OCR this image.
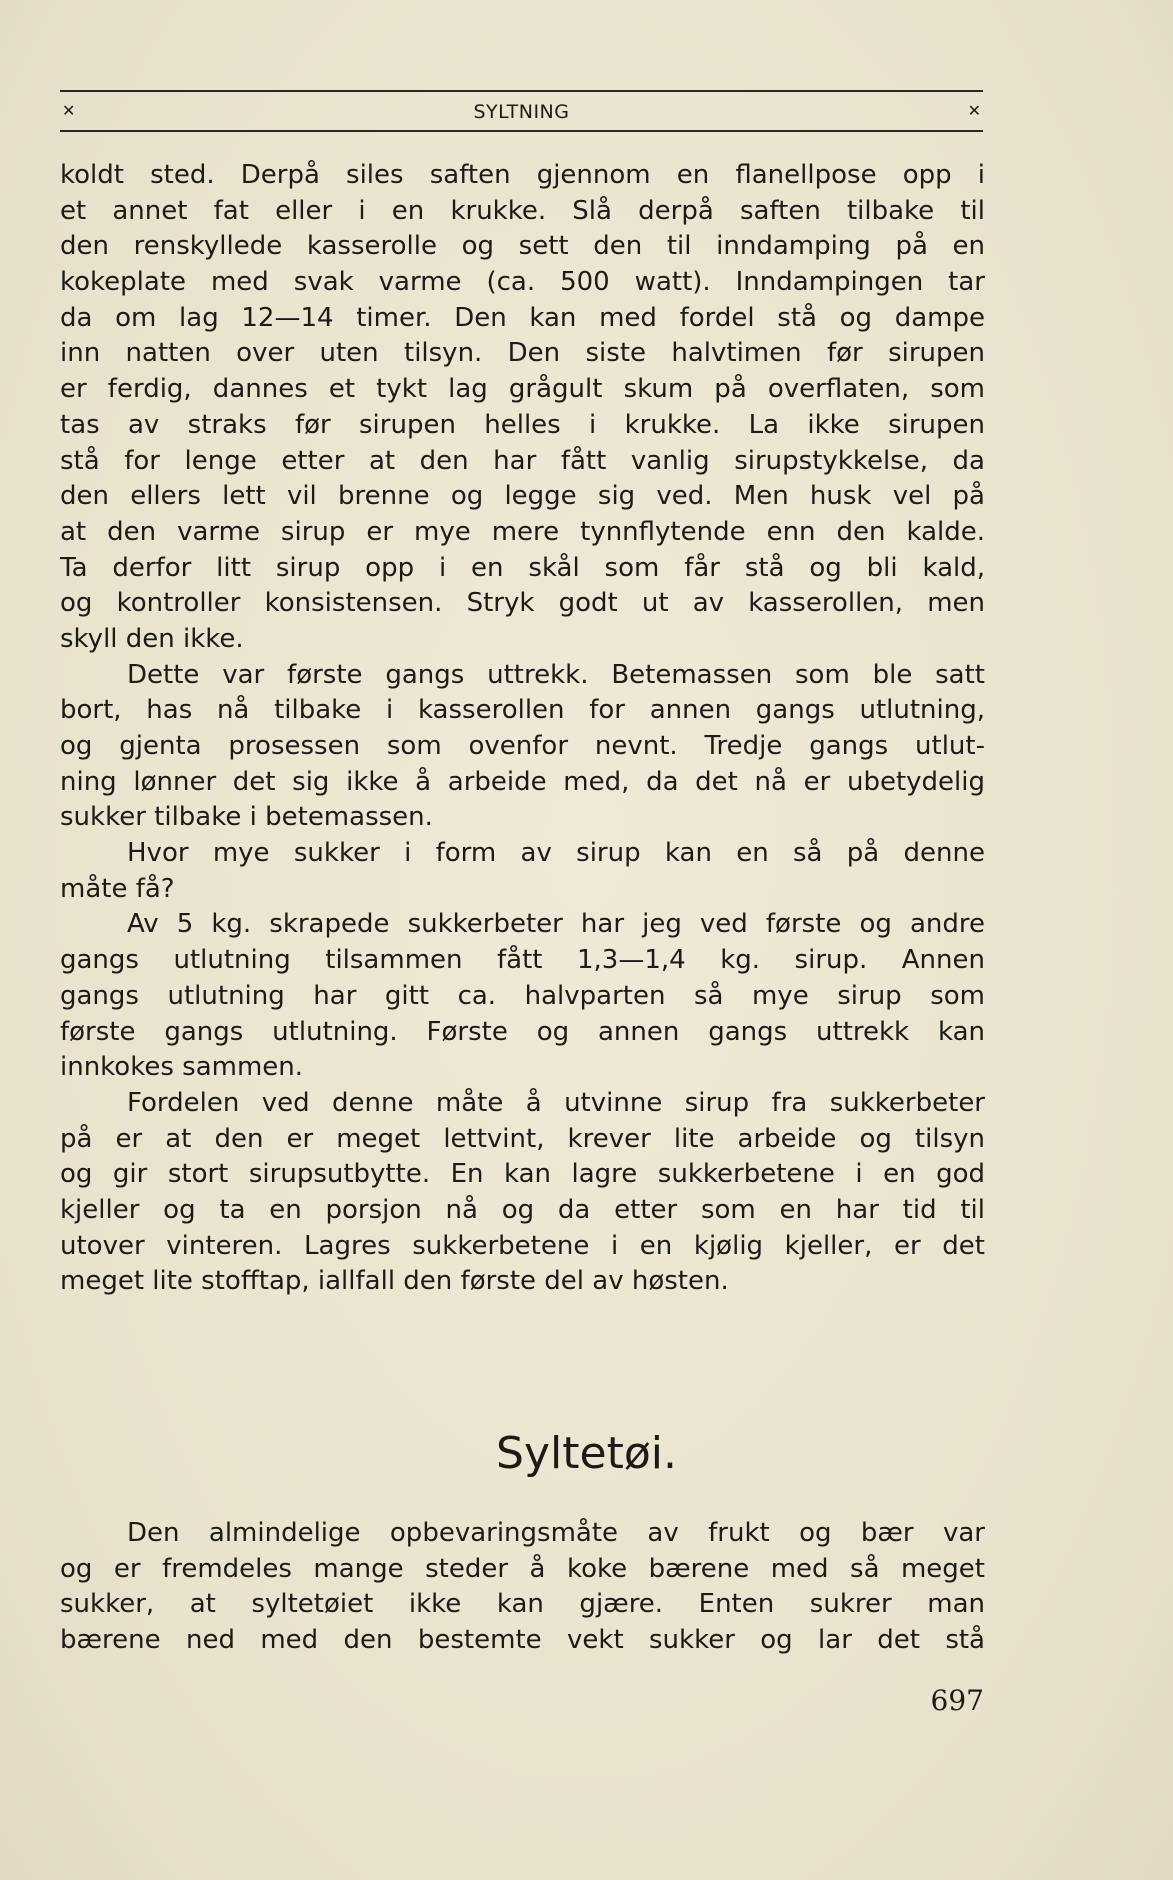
✕	SYLTNING	✕
koldt sted. Derpå siles saften gjennom en flanellpose opp i
et annet fat eller i en krukke. Slå derpå saften tilbake til
den renskyllede kasserolle og sett den til inndamping på en
kokeplate med svak varme (ca. 500 watt). Inndampingen tar
da om lag 12—14 timer. Den kan med fordel stå og dampe
inn natten over uten tilsyn. Den siste halvtimen før sirupen
er ferdig, dannes et tykt lag grågult skum på overflaten, som
tas av straks før sirupen helles i krukke. La ikke sirupen
stå for lenge etter at den har fått vanlig sirupstykkelse, da
den ellers lett vil brenne og legge sig ved. Men husk vel på
at den varme sirup er mye mere tynnflytende enn den kalde.
Ta derfor litt sirup opp i en skål som får stå og bli kald,
og kontroller konsistensen. Stryk godt ut av kasserollen, men
skyll den ikke.
Dette var første gangs uttrekk. Betemassen som ble satt
bort, has nå tilbake i kasserollen for annen gangs utlutning,
og gjenta prosessen som ovenfor nevnt. Tredje gangs utlut-
ning lønner det sig ikke å arbeide med, da det nå er ubetydelig
sukker tilbake i betemassen.
Hvor mye sukker i form av sirup kan en så på denne
måte få?
Av 5 kg. skrapede sukkerbeter har jeg ved første og andre
gangs utlutning tilsammen fått 1,3—1,4 kg. sirup. Annen
gangs utlutning har gitt ca. halvparten så mye sirup som
første gangs utlutning. Første og annen gangs uttrekk kan
innkokes sammen.
Fordelen ved denne måte å utvinne sirup fra sukkerbeter
på er at den er meget lettvint, krever lite arbeide og tilsyn
og gir stort sirupsutbytte. En kan lagre sukkerbetene i en god
kjeller og ta en porsjon nå og da etter som en har tid til
utover vinteren. Lagres sukkerbetene i en kjølig kjeller, er det
meget lite stofftap, iallfall den første del av høsten.
Syltetøi.
Den almindelige opbevaringsmåte av frukt og bær var
og er fremdeles mange steder å koke bærene med så meget
sukker, at syltetøiet ikke kan gjære. Enten sukrer man
bærene ned med den bestemte vekt sukker og lar det stå
697
